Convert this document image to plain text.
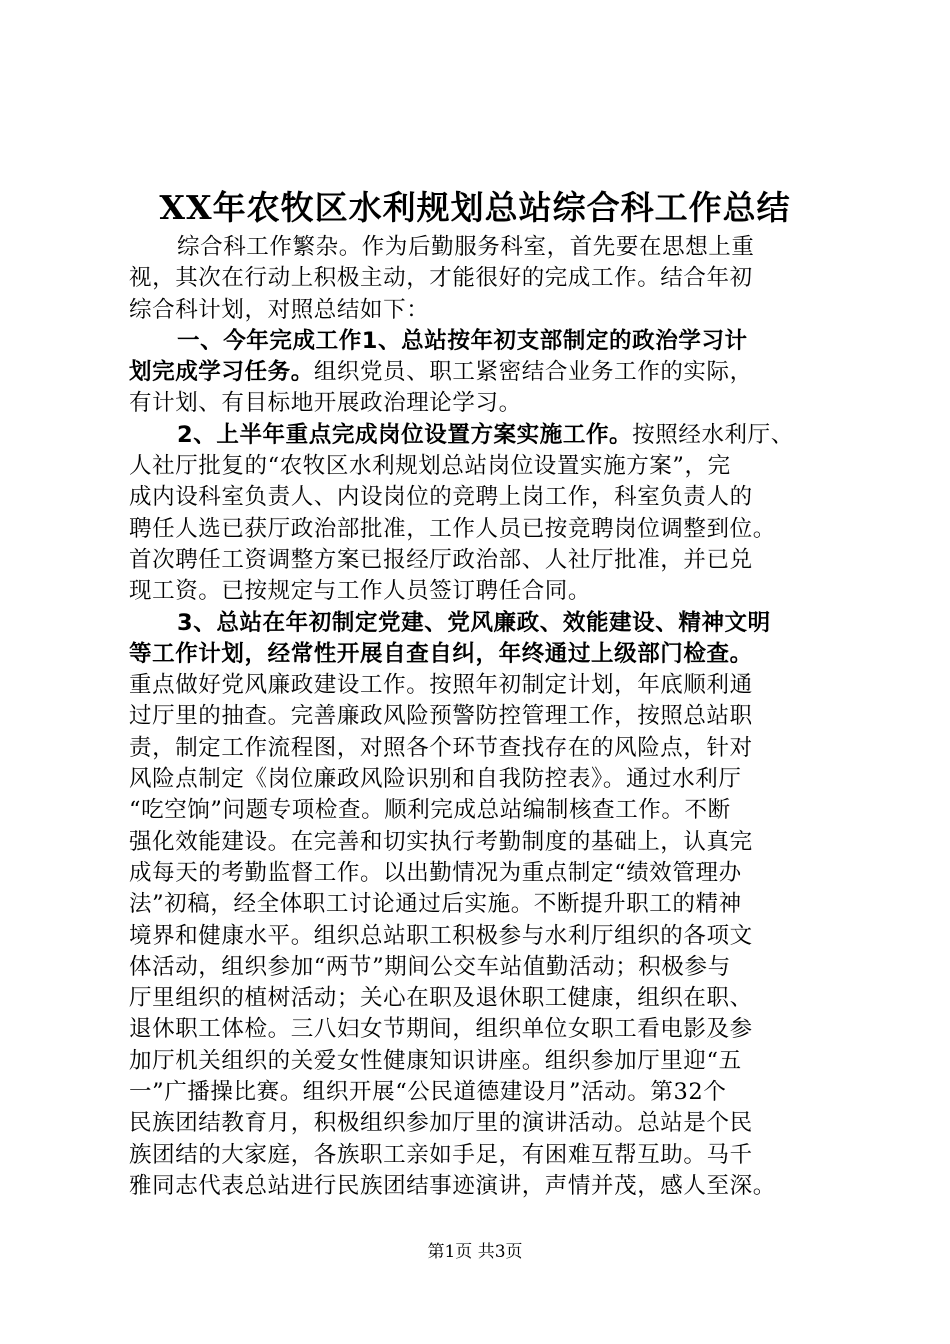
XX年农牧区水利规划总站综合科工作总结
综合科工作繁杂。作为后勤服务科室，首先要在思想上重
视，其次在行动上积极主动，才能很好的完成工作。结合年初
综合科计划，对照总结如下：
一、今年完成工作1、总站按年初支部制定的政治学习计
划完成学习任务。组织党员、职工紧密结合业务工作的实际，
有计划、有目标地开展政治理论学习。
2、上半年重点完成岗位设置方案实施工作。按照经水利厅、
人社厅批复的“农牧区水利规划总站岗位设置实施方案”，完
成内设科室负责人、内设岗位的竞聘上岗工作，科室负责人的
聘任人选已获厅政治部批准，工作人员已按竞聘岗位调整到位。
首次聘任工资调整方案已报经厅政治部、人社厅批准，并已兑
现工资。已按规定与工作人员签订聘任合同。
3、总站在年初制定党建、党风廉政、效能建设、精神文明
等工作计划，经常性开展自查自纠，年终通过上级部门检查。
重点做好党风廉政建设工作。按照年初制定计划，年底顺利通
过厅里的抽查。完善廉政风险预警防控管理工作，按照总站职
责，制定工作流程图，对照各个环节查找存在的风险点，针对
风险点制定《岗位廉政风险识别和自我防控表》。通过水利厅
“吃空饷”问题专项检查。顺利完成总站编制核查工作。不断
强化效能建设。在完善和切实执行考勤制度的基础上，认真完
成每天的考勤监督工作。以出勤情况为重点制定“绩效管理办
法”初稿，经全体职工讨论通过后实施。不断提升职工的精神
境界和健康水平。组织总站职工积极参与水利厅组织的各项文
体活动，组织参加“两节”期间公交车站值勤活动；积极参与
厅里组织的植树活动；关心在职及退休职工健康，组织在职、
退休职工体检。三八妇女节期间，组织单位女职工看电影及参
加厅机关组织的关爱女性健康知识讲座。组织参加厅里迎“五
一”广播操比赛。组织开展“公民道德建设月”活动。第32个
民族团结教育月，积极组织参加厅里的演讲活动。总站是个民
族团结的大家庭，各族职工亲如手足，有困难互帮互助。马千
雅同志代表总站进行民族团结事迹演讲，声情并茂，感人至深。
第1页 共3页
